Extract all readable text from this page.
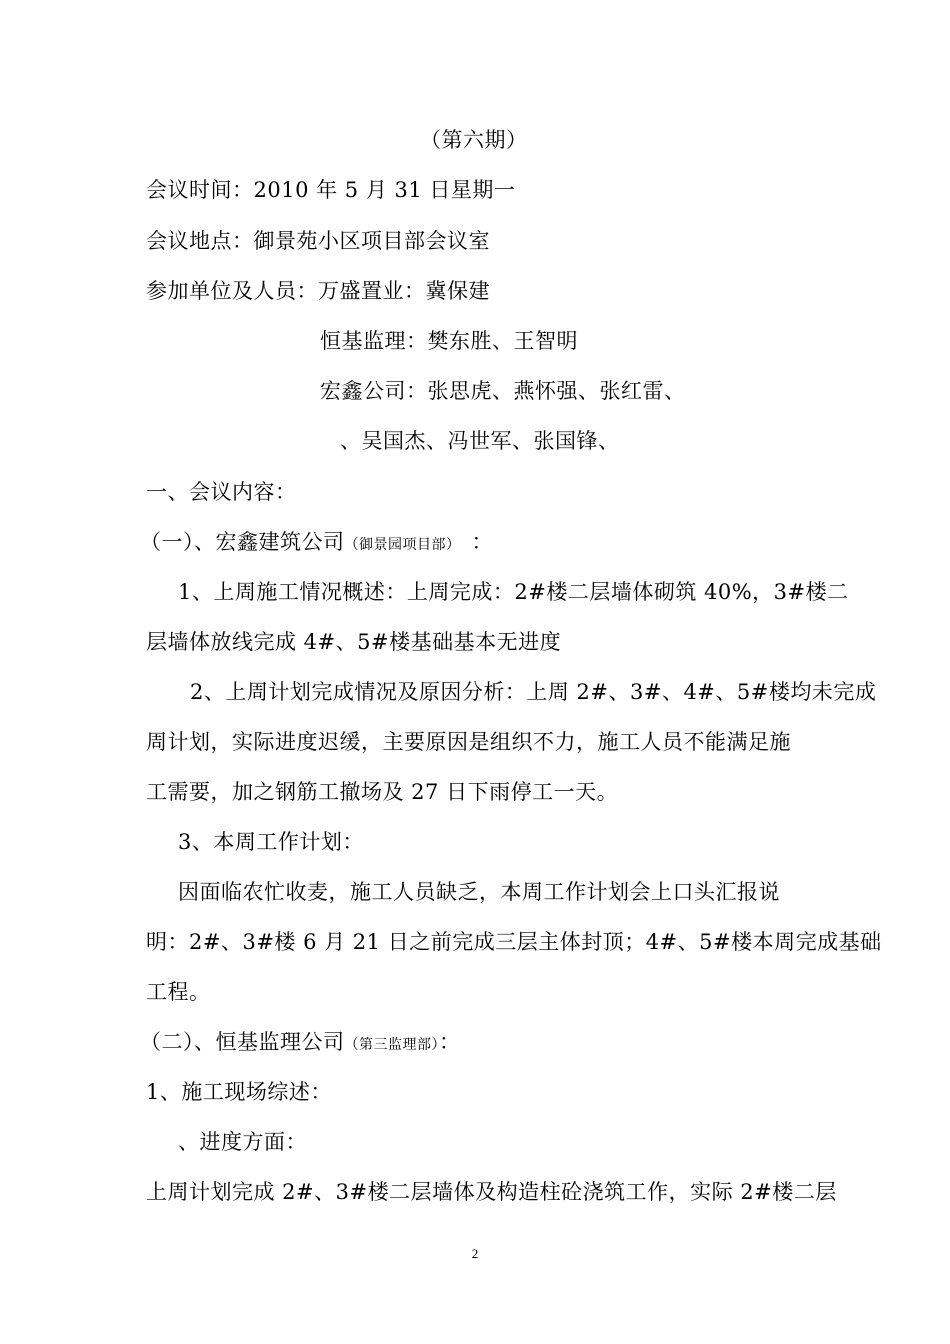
（第六期）
会议时间：2010 年 5 月 31 日星期一
会议地点：御景苑小区项目部会议室
参加单位及人员：万盛置业：冀保建
恒基监理：樊东胜、王智明
宏鑫公司：张思虎、燕怀强、张红雷、
、吴国杰、冯世军、张国锋、
一、会议内容：
（一）、宏鑫建筑公司（御景园项目部） ：
1、上周施工情况概述：上周完成：2#楼二层墙体砌筑 40%，3#楼二
层墙体放线完成 4#、5#楼基础基本无进度
2、上周计划完成情况及原因分析：上周 2#、3#、4#、5#楼均未完成
周计划，实际进度迟缓，主要原因是组织不力，施工人员不能满足施
工需要，加之钢筋工撤场及 27 日下雨停工一天。
3、本周工作计划：
因面临农忙收麦，施工人员缺乏，本周工作计划会上口头汇报说
明：2#、3#楼 6 月 21 日之前完成三层主体封顶；4#、5#楼本周完成基础
工程。
（二）、恒基监理公司（第三监理部）：
1、施工现场综述：
、进度方面：
上周计划完成 2#、3#楼二层墙体及构造柱砼浇筑工作，实际 2#楼二层
2
